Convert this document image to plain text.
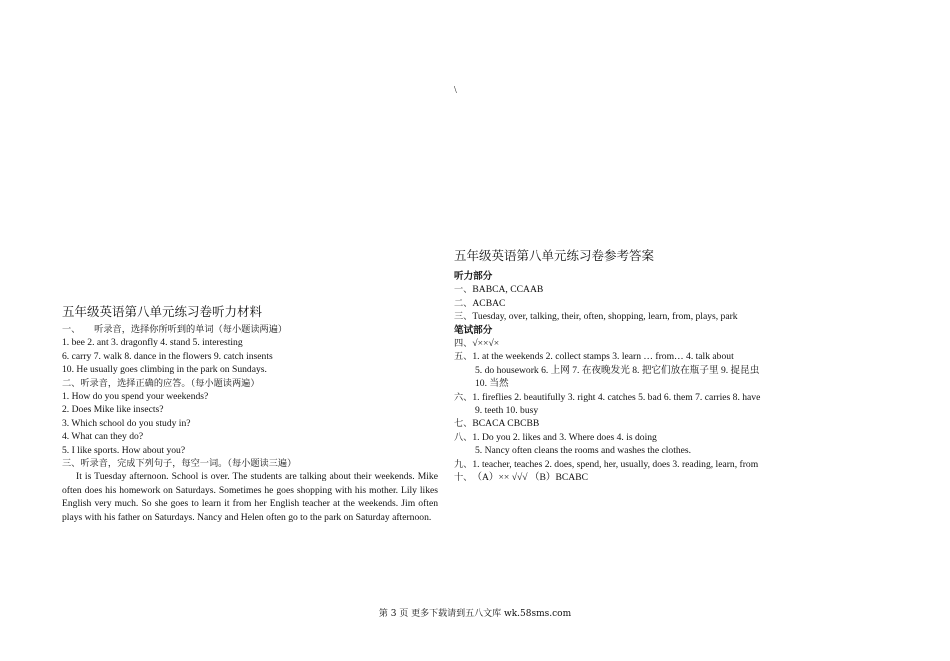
\
五年级英语第八单元练习卷听力材料
一、　　听录音，选择你所听到的单词（每小题读两遍）
1. bee 2. ant 3. dragonfly 4. stand 5. interesting
6. carry 7. walk 8. dance in the flowers 9. catch insents
10. He usually goes climbing in the park on Sundays.
二、听录音，选择正确的应答。（每小题读两遍）
1. How do you spend your weekends?
2. Does Mike like insects?
3. Which school do you study in?
4. What can they do?
5. I like sports. How about you?
三、听录音，完成下列句子，每空一词。（每小题读三遍）
It is Tuesday afternoon. School is over. The students are talking about their weekends. Mike often does his homework on Saturdays. Sometimes he goes shopping with his mother. Lily likes English very much. So she goes to learn it from her English teacher at the weekends. Jim often plays with his father on Saturdays. Nancy and Helen often go to the park on Saturday afternoon.
五年级英语第八单元练习卷参考答案
听力部分
一、 BABCA, CCAAB
二、 ACBAC
三、 Tuesday, over, talking, their, often, shopping, learn, from, plays, park
笔试部分
四、 √××√×
五、 1. at the weekends 2. collect stamps 3. learn … from… 4. talk about
5. do housework 6. 上网 7. 在夜晚发光 8. 把它们放在瓶子里 9. 捉昆虫
10. 当然
六、 1. fireflies 2. beautifully 3. right 4. catches 5. bad 6. them 7. carries 8. have
9. teeth 10. busy
七、 BCACA CBCBB
八、 1. Do you 2. likes and 3. Where does 4. is doing
5. Nancy often cleans the rooms and washes the clothes.
九、 1. teacher, teaches 2. does, spend, her, usually, does 3. reading, learn, from
十、 （A）×× √√√ （B）BCABC
第 3 页 更多下载请到五八文库 wk.58sms.com
